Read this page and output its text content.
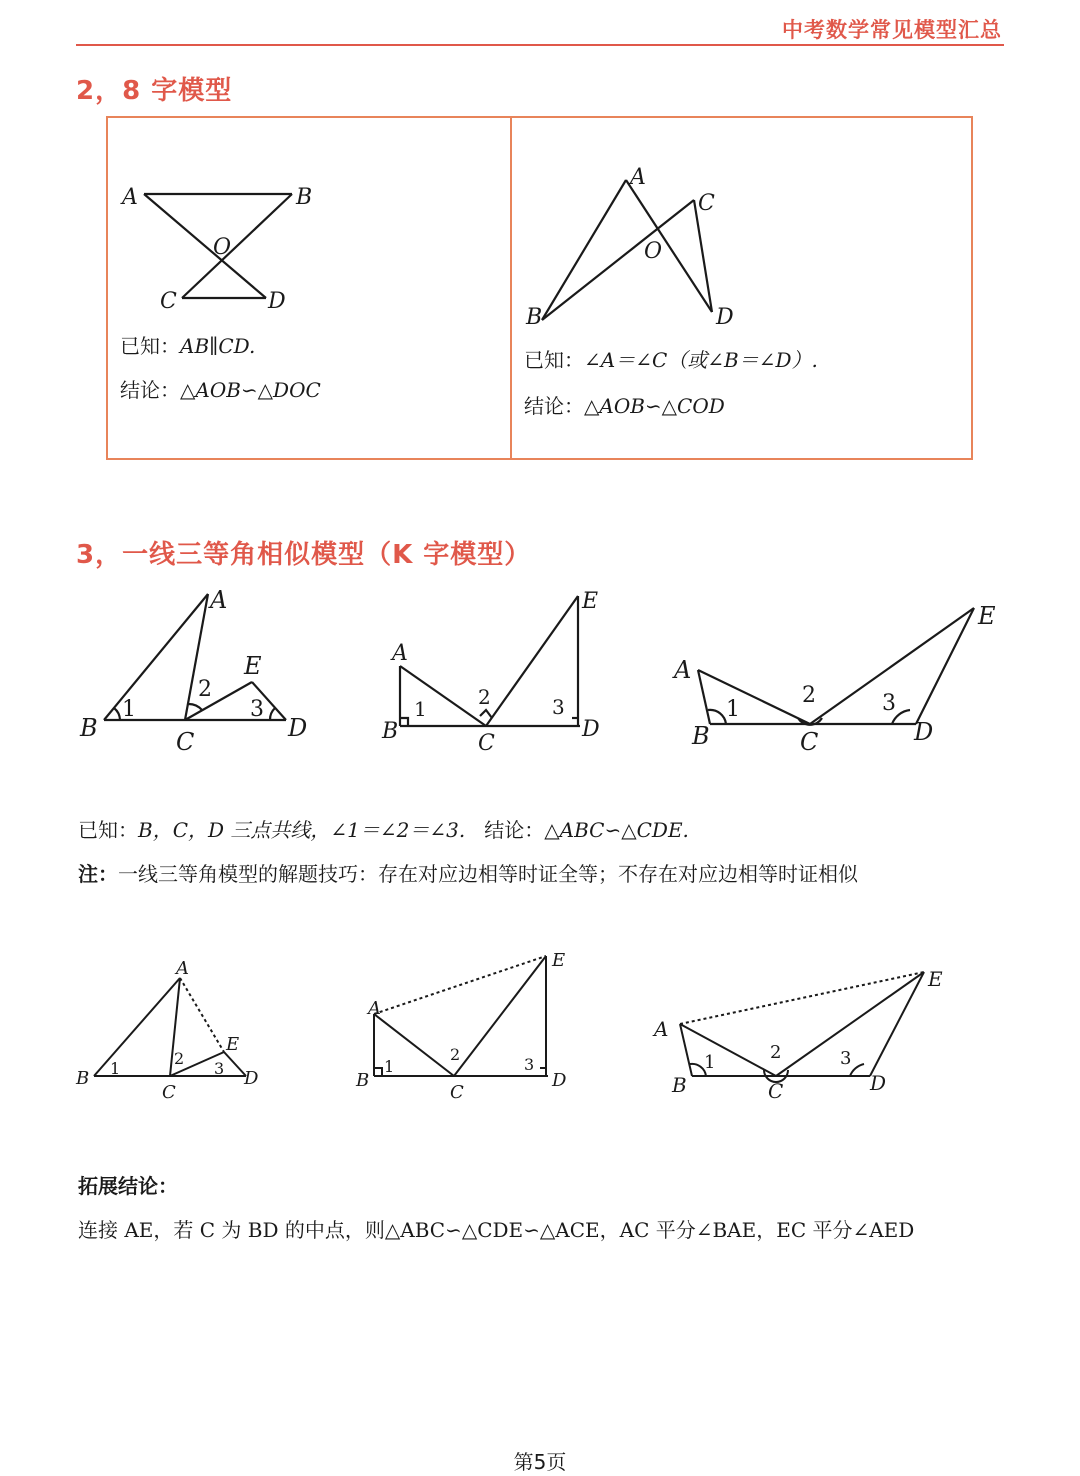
中考数学常见模型汇总
2，8 字模型
A	B
O
C	D
已知：AB∥CD.
结论：△AOB∽△DOC
A
C
O
B	D
已知：∠A＝∠C（或∠B＝∠D）.
结论：△AOB∽△COD
3，一线三等角相似模型（K 字模型）
B	C	D
A
E
1
2
3
A
B	C
D
E
1	2	3
A
B	C	D
E
1
2	3
已知：B，C，D 三点共线，∠1＝∠2＝∠3. 结论：△ABC∽△CDE.
注：一线三等角模型的解题技巧：存在对应边相等时证全等；不存在对应边相等时证相似
A
B
C
D
E
1
2
3
A
B
C
D
E
1
2
3
A
B	C	D
E
1	2	3
拓展结论：
连接 AE，若 C 为 BD 的中点，则△ABC∽△CDE∽△ACE，AC 平分∠BAE，EC 平分∠AED
第5页
